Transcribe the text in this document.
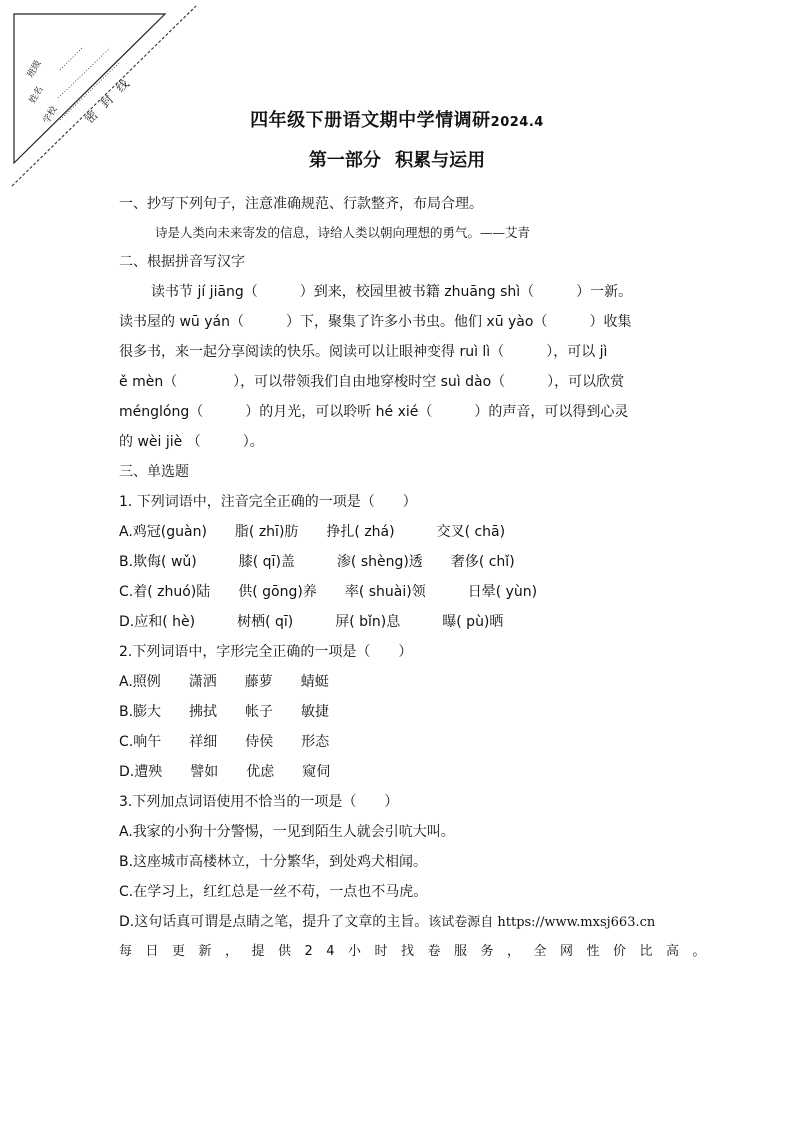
班级
姓名
学校 密封线	四年级下册语文期中学情调研2024.4
第一部分 积累与运用
一、抄写下列句子，注意准确规范、行款整齐，布局合理。
诗是人类向未来寄发的信息，诗给人类以朝向理想的勇气。——艾青
二、根据拼音写汉字
读书节 jí jiāng（　　　）到来，校园里被书籍 zhuāng shì（　　　）一新。
读书屋的 wū yán（　　　）下，聚集了许多小书虫。他们 xū yào（　　　）收集
很多书，来一起分享阅读的快乐。阅读可以让眼神变得 ruì lì（　　　），可以 jì
ě mèn（　　　　），可以带领我们自由地穿梭时空 suì dào（　　　），可以欣赏
ménglóng（　　　）的月光，可以聆听 hé xié（　　　）的声音，可以得到心灵
的 wèi jiè （　　　）。
三、单选题
1. 下列词语中，注音完全正确的一项是（　　）
A.鸡冠(guàn)　　脂( zhī)肪　　挣扎( zhá)　　　交叉( chā)
B.欺侮( wǔ)　　　膝( qī)盖　　　渗( shèng)透　　奢侈( chǐ)
C.着( zhuó)陆　　供( gōng)养　　率( shuài)领　　　日晕( yùn)
D.应和( hè)　　　树栖( qī)　　　屏( bǐn)息　　　曝( pù)晒
2.下列词语中，字形完全正确的一项是（　　）
A.照例　　潇洒　　藤萝　　蜻蜓
B.膨大　　拂拭　　帐子　　敏捷
C.响午　　祥细　　侍侯　　形态
D.遭殃　　譬如　　优虑　　窥伺
3.下列加点词语使用不恰当的一项是（　　）
A.我家的小狗十分警惕，一见到陌生人就会引吭大叫。
B.这座城市高楼林立，十分繁华，到处鸡犬相闻。
C.在学习上，红红总是一丝不苟，一点也不马虎。
D.这句话真可谓是点睛之笔，提升了文章的主旨。该试卷源自 https://www.mxsj663.cn
每日更新，提供24小时找卷服务，全网性价比高。
